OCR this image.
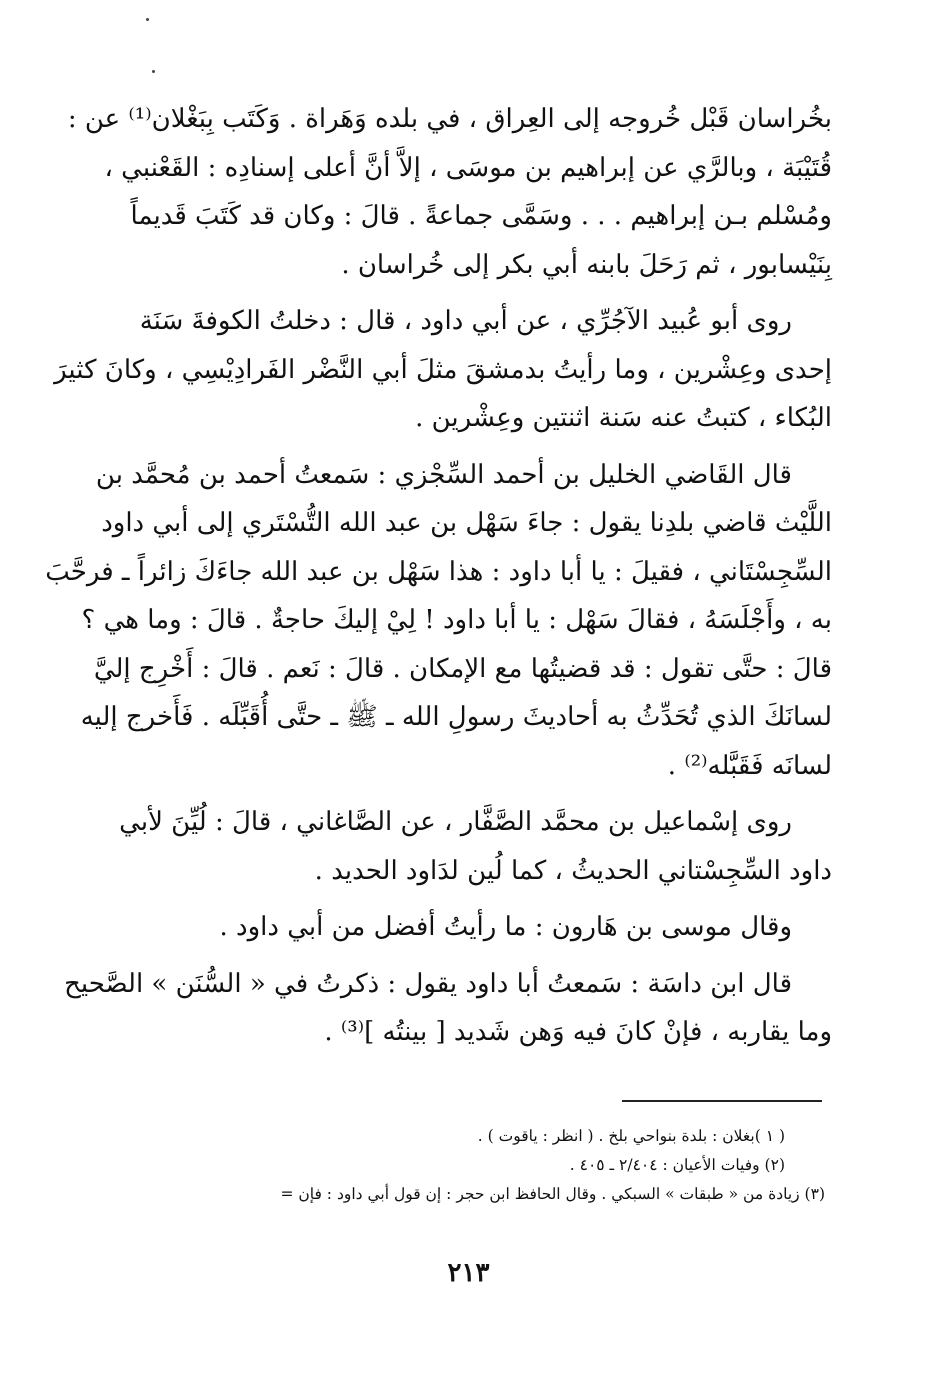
بخُراسان قَبْل خُروجه إلى العِراق ، في بلده وَهَراة . وَكَتَب بِبَغْلان⁽¹⁾ عن :
قُتَيْبَة ، وبالرَّي عن إبراهيم بن موسَى ، إلاَّ أنَّ أعلى إسنادِه : القَعْنبي ،
ومُسْلم بـن إبراهيم . . . وسَمَّى جماعةً . قالَ : وكان قد كَتَبَ قَديماً
بِنَيْسابور ، ثم رَحَلَ بابنه أبي بكر إلى خُراسان .

روى أبو عُبيد الآجُرِّي ، عن أبي داود ، قال : دخلتُ الكوفةَ سَنَة
إحدى وعِشْرين ، وما رأيتُ بدمشقَ مثلَ أبي النَّضْر الفَرادِيْسِي ، وكانَ كثيرَ
البُكاء ، كتبتُ عنه سَنة اثنتين وعِشْرين .

قال القَاضي الخليل بن أحمد السِّجْزي : سَمعتُ أحمد بن مُحمَّد بن
اللَّيْث قاضي بلدِنا يقول : جاءَ سَهْل بن عبد الله التُّسْتَري إلى أبي داود
السِّجِسْتَاني ، فقيلَ : يا أبا داود : هذا سَهْل بن عبد الله جاءَكَ زائراً ـ فرحَّبَ
به ، وأَجْلَسَهُ ، فقالَ سَهْل : يا أبا داود ! لِيْ إليكَ حاجةٌ . قالَ : وما هي ؟
قالَ : حتَّى تقول : قد قضيتُها مع الإمكان . قالَ : نَعم . قالَ : أَخْرِج إليَّ
لسانَكَ الذي تُحَدِّثُ به أحاديثَ رسولِ الله ـ ﷺ ـ حتَّى أُقَبِّلَه . فَأَخرج إليه
لسانَه فَقَبَّله⁽²⁾ .

روى إسْماعيل بن محمَّد الصَّفَّار ، عن الصَّاغاني ، قالَ : لُيِّنَ لأبي
داود السِّجِسْتاني الحديثُ ، كما لُين لدَاود الحديد .

وقال موسى بن هَارون : ما رأيتُ أفضل من أبي داود .

قال ابن داسَة : سَمعتُ أبا داود يقول : ذكرتُ في « السُّنَن » الصَّحيح
وما يقاربه ، فإنْ كانَ فيه وَهن شَديد [ بينتُه ]⁽³⁾ .

( ١ )بغلان : بلدة بنواحي بلخ . ( انظر : ياقوت ) .
(٢) وفيات الأعيان : ٢/٤٠٤ ـ ٤٠٥ .
(٣) زيادة من « طبقات » السبكي . وقال الحافظ ابن حجر : إن قول أبي داود : فإن =
٢١٣
